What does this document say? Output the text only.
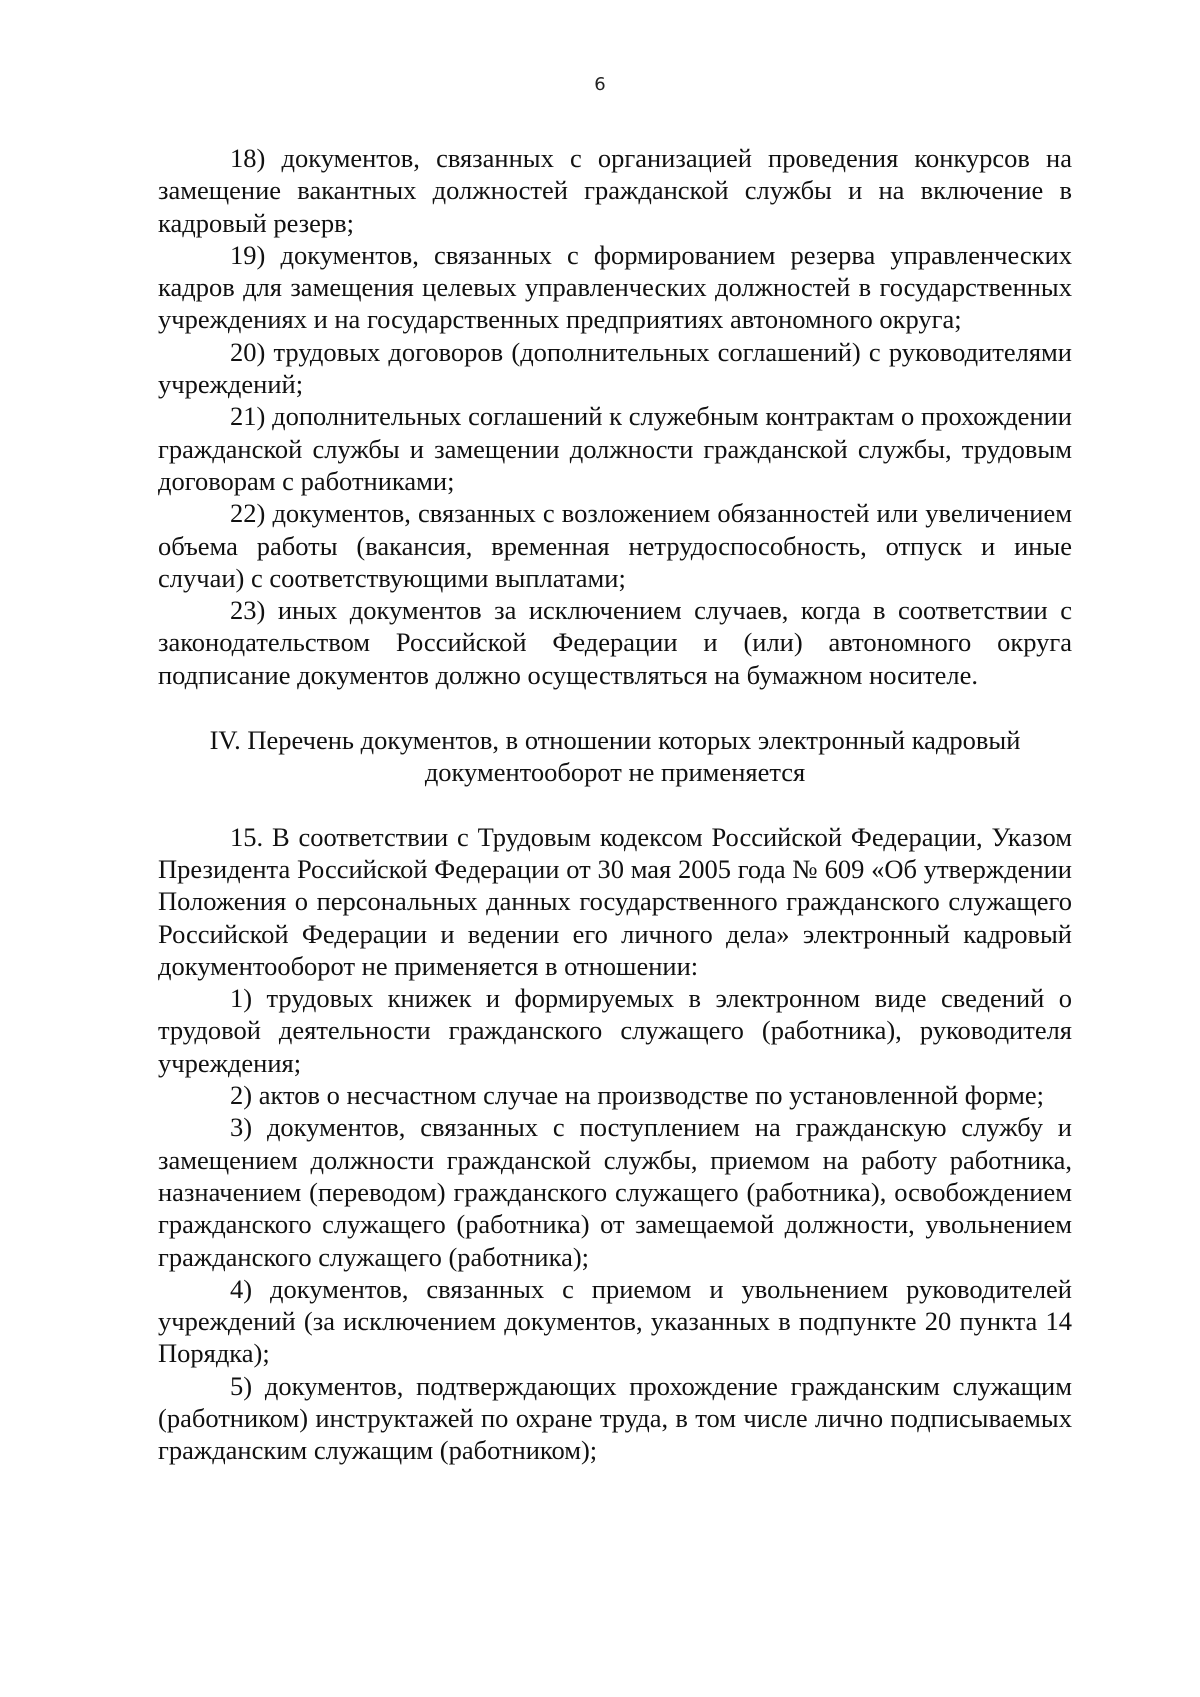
6

18) документов, связанных с организацией проведения конкурсов на замещение вакантных должностей гражданской службы и на включение в кадровый резерв;

19) документов, связанных с формированием резерва управленческих кадров для замещения целевых управленческих должностей в государственных учреждениях и на государственных предприятиях автономного округа;

20) трудовых договоров (дополнительных соглашений) с руководителями учреждений;

21) дополнительных соглашений к служебным контрактам о прохождении гражданской службы и замещении должности гражданской службы, трудовым договорам с работниками;

22) документов, связанных с возложением обязанностей или увеличением объема работы (вакансия, временная нетрудоспособность, отпуск и иные случаи) с соответствующими выплатами;

23) иных документов за исключением случаев, когда в соответствии с законодательством Российской Федерации и (или) автономного округа подписание документов должно осуществляться на бумажном носителе.

IV. Перечень документов, в отношении которых электронный кадровый
документооборот не применяется

15. В соответствии с Трудовым кодексом Российской Федерации, Указом Президента Российской Федерации от 30 мая 2005 года № 609 «Об утверждении Положения о персональных данных государственного гражданского служащего Российской Федерации и ведении его личного дела» электронный кадровый документооборот не применяется в отношении:

1) трудовых книжек и формируемых в электронном виде сведений о трудовой деятельности гражданского служащего (работника), руководителя учреждения;

2) актов о несчастном случае на производстве по установленной форме;

3) документов, связанных с поступлением на гражданскую службу и замещением должности гражданской службы, приемом на работу работника, назначением (переводом) гражданского служащего (работника), освобождением гражданского служащего (работника) от замещаемой должности, увольнением гражданского служащего (работника);

4) документов, связанных с приемом и увольнением руководителей учреждений (за исключением документов, указанных в подпункте 20 пункта 14 Порядка);

5) документов, подтверждающих прохождение гражданским служащим (работником) инструктажей по охране труда, в том числе лично подписываемых гражданским служащим (работником);
